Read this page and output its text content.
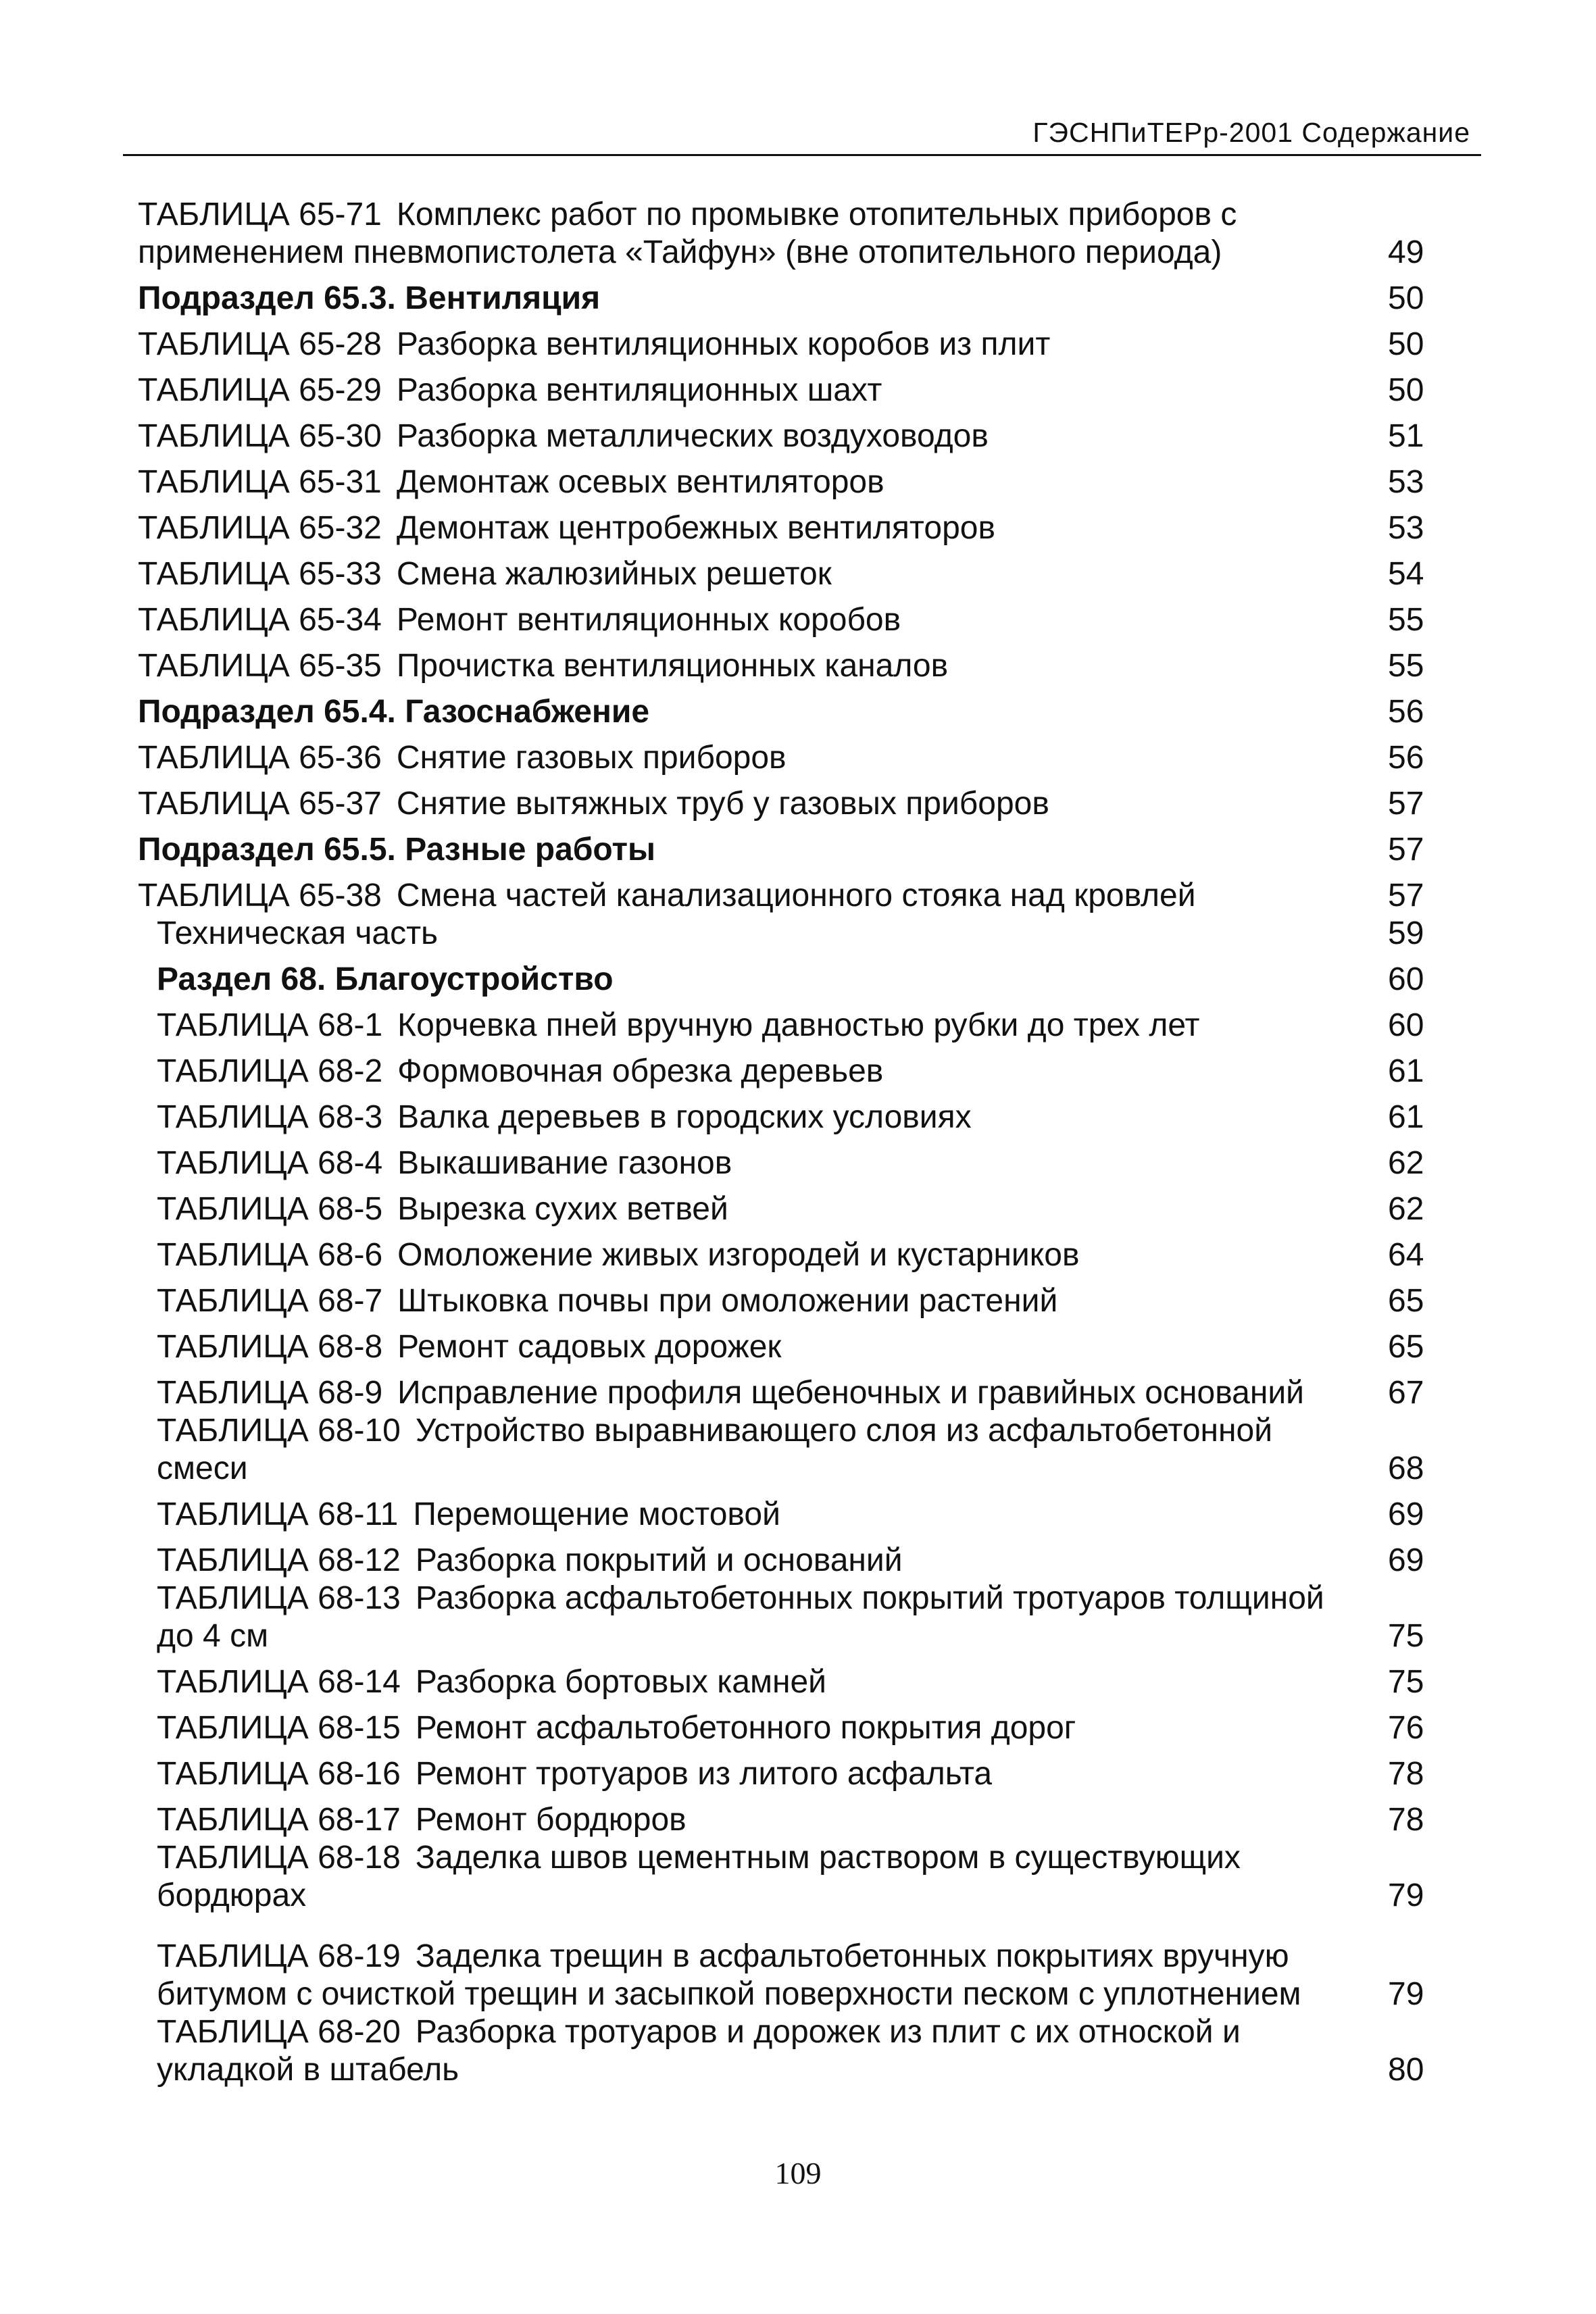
ГЭСНПиТЕРр-2001 Содержание
ТАБЛИЦА 65-71 Комплекс работ по промывке отопительных приборов с применением пневмопистолета «Тайфун» (вне отопительного периода)	49
Подраздел 65.3. Вентиляция	50
ТАБЛИЦА 65-28 Разборка вентиляционных коробов из плит	50
ТАБЛИЦА 65-29 Разборка вентиляционных шахт	50
ТАБЛИЦА 65-30 Разборка металлических воздуховодов	51
ТАБЛИЦА 65-31 Демонтаж осевых вентиляторов	53
ТАБЛИЦА 65-32 Демонтаж центробежных вентиляторов	53
ТАБЛИЦА 65-33 Смена жалюзийных решеток	54
ТАБЛИЦА 65-34 Ремонт вентиляционных коробов	55
ТАБЛИЦА 65-35 Прочистка вентиляционных каналов	55
Подраздел 65.4. Газоснабжение	56
ТАБЛИЦА 65-36 Снятие газовых приборов	56
ТАБЛИЦА 65-37 Снятие вытяжных труб у газовых приборов	57
Подраздел 65.5. Разные работы	57
ТАБЛИЦА 65-38 Смена частей канализационного стояка над кровлей	57
Техническая часть	59
Раздел 68. Благоустройство	60
ТАБЛИЦА 68-1 Корчевка пней вручную давностью рубки до трех лет	60
ТАБЛИЦА 68-2 Формовочная обрезка деревьев	61
ТАБЛИЦА 68-3 Валка деревьев в городских условиях	61
ТАБЛИЦА 68-4 Выкашивание газонов	62
ТАБЛИЦА 68-5 Вырезка сухих ветвей	62
ТАБЛИЦА 68-6 Омоложение живых изгородей и кустарников	64
ТАБЛИЦА 68-7 Штыковка почвы при омоложении растений	65
ТАБЛИЦА 68-8 Ремонт садовых дорожек	65
ТАБЛИЦА 68-9 Исправление профиля щебеночных и гравийных оснований	67
ТАБЛИЦА 68-10 Устройство выравнивающего слоя из асфальтобетонной смеси	68
ТАБЛИЦА 68-11 Перемощение мостовой	69
ТАБЛИЦА 68-12 Разборка покрытий и оснований	69
ТАБЛИЦА 68-13 Разборка асфальтобетонных покрытий тротуаров толщиной до 4 см	75
ТАБЛИЦА 68-14 Разборка бортовых камней	75
ТАБЛИЦА 68-15 Ремонт асфальтобетонного покрытия дорог	76
ТАБЛИЦА 68-16 Ремонт тротуаров из литого асфальта	78
ТАБЛИЦА 68-17 Ремонт бордюров	78
ТАБЛИЦА 68-18 Заделка швов цементным раствором в существующих бордюрах	79
ТАБЛИЦА 68-19 Заделка трещин в асфальтобетонных покрытиях вручную битумом с очисткой трещин и засыпкой поверхности песком с уплотнением	79
ТАБЛИЦА 68-20 Разборка тротуаров и дорожек из плит с их отноской и укладкой в штабель	80
109
